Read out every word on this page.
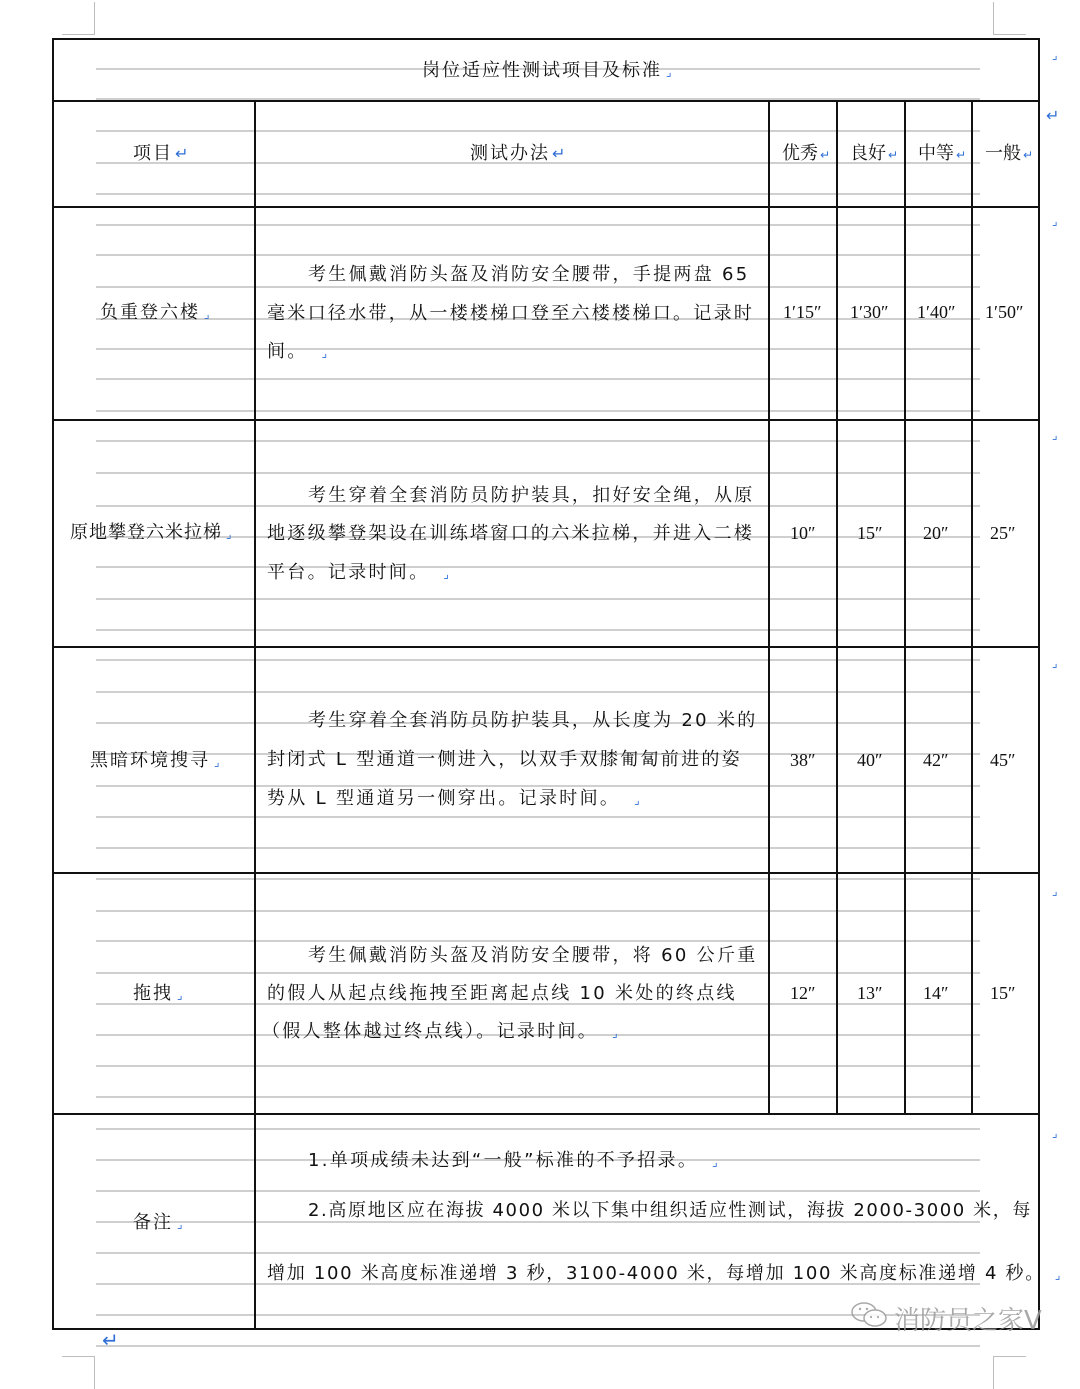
岗位适应性测试项目及标准 ⌟
项目 ↵	测试办法 ↵	优秀 ↵ 良好 ↵ 中等 ↵ 一般 ↵
↵
负重登六楼 ⌟
考生佩戴消防头盔及消防安全腰带，手提两盘 65
毫米口径水带，从一楼楼梯口登至六楼楼梯口。记录时
间。 ⌟
1′15″ 1′30″ 1′40″ 1′50″
原地攀登六米拉梯 ⌟
考生穿着全套消防员防护装具，扣好安全绳，从原
地逐级攀登架设在训练塔窗口的六米拉梯，并进入二楼
平台。记录时间。 ⌟
10″ 15″ 20″ 25″
黑暗环境搜寻 ⌟
考生穿着全套消防员防护装具，从长度为 20 米的
封闭式 L 型通道一侧进入，以双手双膝匍匐前进的姿
势从 L 型通道另一侧穿出。记录时间。 ⌟
38″ 40″ 42″ 45″
拖拽 ⌟
考生佩戴消防头盔及消防安全腰带，将 60 公斤重
的假人从起点线拖拽至距离起点线 10 米处的终点线
（假人整体越过终点线）。记录时间。 ⌟
12″ 13″ 14″ 15″
备注 ⌟
1.单项成绩未达到“一般”标准的不予招录。 ⌟
2.高原地区应在海拔 4000 米以下集中组织适应性测试，海拔 2000-3000 米，每
增加 100 米高度标准递增 3 秒，3100-4000 米，每增加 100 米高度标准递增 4 秒。 ⌟
⌟
⌟
⌟
⌟
⌟
⌟
↵
消防员之家V
